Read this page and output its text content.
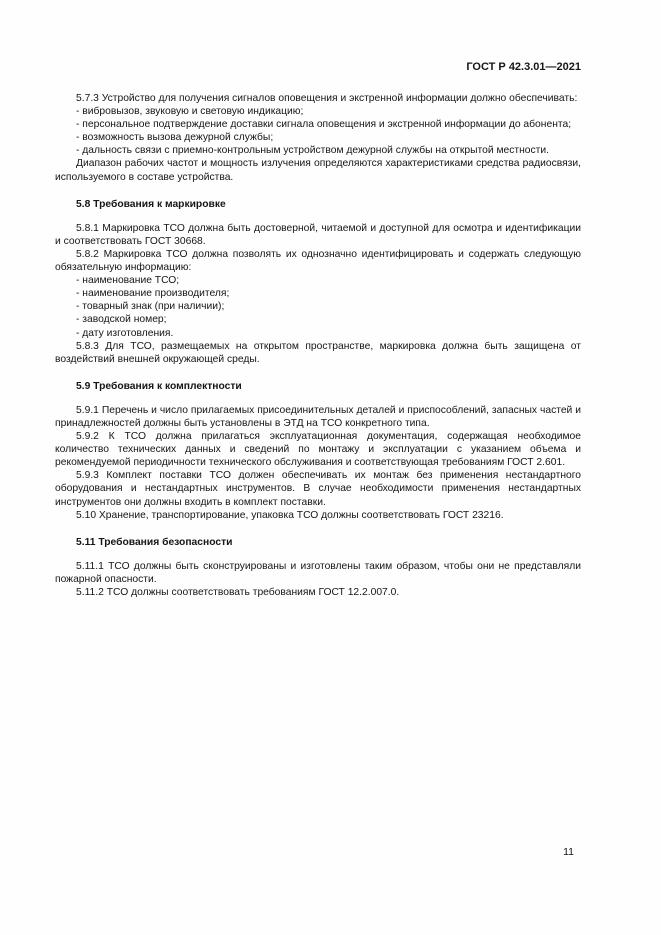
ГОСТ Р 42.3.01—2021

5.7.3 Устройство для получения сигналов оповещения и экстренной информации должно обеспечивать:

- вибровызов, звуковую и световую индикацию;

- персональное подтверждение доставки сигнала оповещения и экстренной информации до абонента;

- возможность вызова дежурной службы;

- дальность связи с приемно-контрольным устройством дежурной службы на открытой местности.

Диапазон рабочих частот и мощность излучения определяются характеристиками средства радиосвязи, используемого в составе устройства.

5.8 Требования к маркировке

5.8.1 Маркировка ТСО должна быть достоверной, читаемой и доступной для осмотра и идентификации и соответствовать ГОСТ 30668.

5.8.2 Маркировка ТСО должна позволять их однозначно идентифицировать и содержать следующую обязательную информацию:

- наименование ТСО;

- наименование производителя;

- товарный знак (при наличии);

- заводской номер;

- дату изготовления.

5.8.3 Для ТСО, размещаемых на открытом пространстве, маркировка должна быть защищена от воздействий внешней окружающей среды.

5.9 Требования к комплектности

5.9.1 Перечень и число прилагаемых присоединительных деталей и приспособлений, запасных частей и принадлежностей должны быть установлены в ЭТД на ТСО конкретного типа.

5.9.2 К ТСО должна прилагаться эксплуатационная документация, содержащая необходимое количество технических данных и сведений по монтажу и эксплуатации с указанием объема и рекомендуемой периодичности технического обслуживания и соответствующая требованиям ГОСТ 2.601.

5.9.3 Комплект поставки ТСО должен обеспечивать их монтаж без применения нестандартного оборудования и нестандартных инструментов. В случае необходимости применения нестандартных инструментов они должны входить в комплект поставки.

5.10 Хранение, транспортирование, упаковка ТСО должны соответствовать ГОСТ 23216.

5.11 Требования безопасности

5.11.1 ТСО должны быть сконструированы и изготовлены таким образом, чтобы они не представляли пожарной опасности.

5.11.2 ТСО должны соответствовать требованиям ГОСТ 12.2.007.0.

11
